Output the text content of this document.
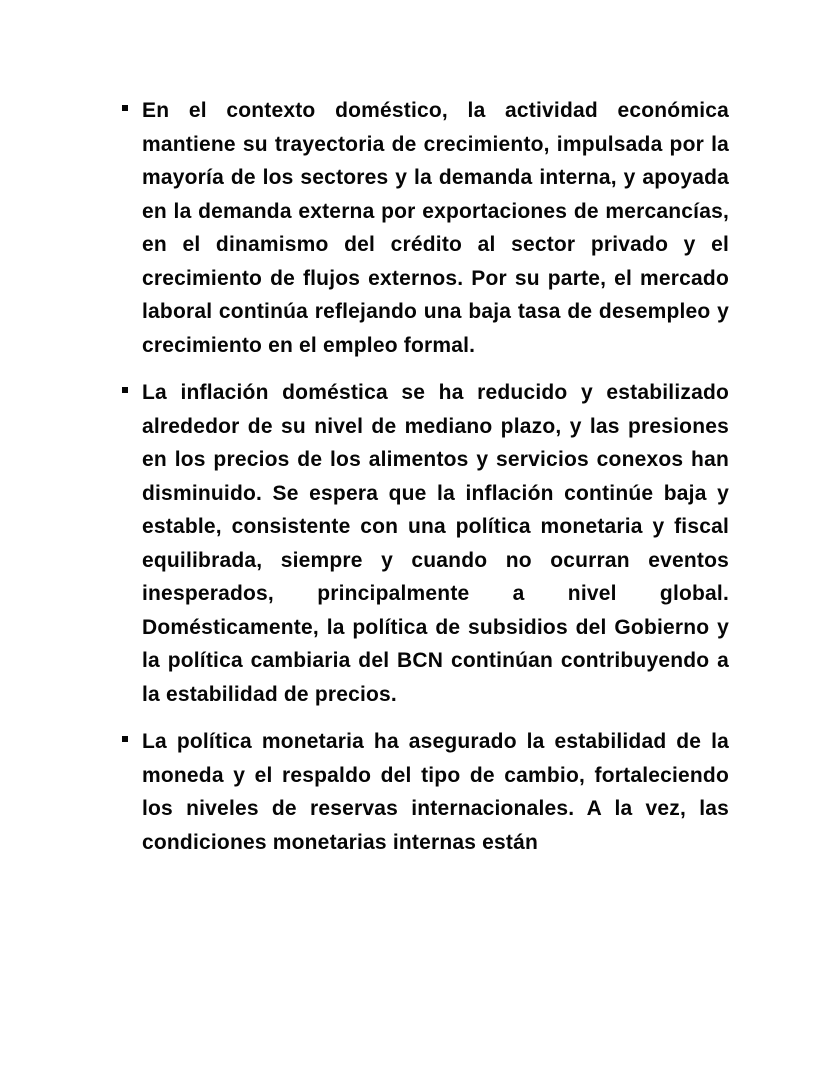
En el contexto doméstico, la actividad económica mantiene su trayectoria de crecimiento, impulsada por la mayoría de los sectores y la demanda interna, y apoyada en la demanda externa por exportaciones de mercancías, en el dinamismo del crédito al sector privado y el crecimiento de flujos externos. Por su parte, el mercado laboral continúa reflejando una baja tasa de desempleo y crecimiento en el empleo formal.
La inflación doméstica se ha reducido y estabilizado alrededor de su nivel de mediano plazo, y las presiones en los precios de los alimentos y servicios conexos han disminuido. Se espera que la inflación continúe baja y estable, consistente con una política monetaria y fiscal equilibrada, siempre y cuando no ocurran eventos inesperados, principalmente a nivel global. Domésticamente, la política de subsidios del Gobierno y la política cambiaria del BCN continúan contribuyendo a la estabilidad de precios.
La política monetaria ha asegurado la estabilidad de la moneda y el respaldo del tipo de cambio, fortaleciendo los niveles de reservas internacionales. A la vez, las condiciones monetarias internas están
